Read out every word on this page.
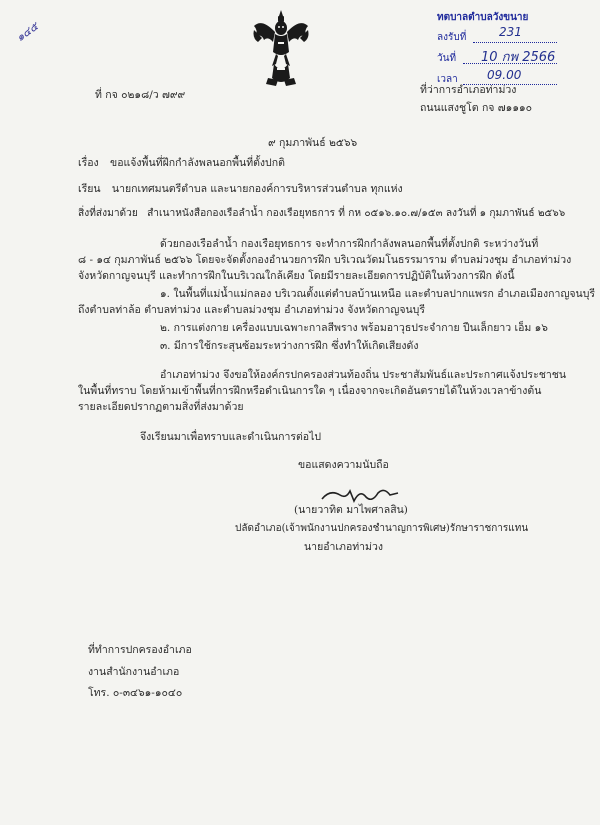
๑๔๕
ทตบาลตำบลวังขนาย
ลงรับที่	231
วันที่ 10 กพ 2566
เวลา 09.00
ที่ กจ ๐๒๑๘/ว ๗๙๙	ที่ว่าการอำเภอท่าม่วง
ถนนแสงชูโต กจ ๗๑๑๑๐
๙ กุมภาพันธ์ ๒๕๖๖
เรื่อง ขอแจ้งพื้นที่ฝึกกำลังพลนอกพื้นที่ตั้งปกติ
เรียน นายกเทศมนตรีตำบล และนายกองค์การบริหารส่วนตำบล ทุกแห่ง
สิ่งที่ส่งมาด้วย สำเนาหนังสือกองเรือลำน้ำ กองเรือยุทธการ ที่ กห ๐๕๑๖.๑๐.๗/๑๕๓ ลงวันที่ ๑ กุมภาพันธ์ ๒๕๖๖
ด้วยกองเรือลำน้ำ กองเรือยุทธการ จะทำการฝึกกำลังพลนอกพื้นที่ตั้งปกติ ระหว่างวันที่
๘ - ๑๔ กุมภาพันธ์ ๒๕๖๖ โดยจะจัดตั้งกองอำนวยการฝึก บริเวณวัดมโนธรรมาราม ตำบลม่วงชุม อำเภอท่าม่วง
จังหวัดกาญจนบุรี และทำการฝึกในบริเวณใกล้เคียง โดยมีรายละเอียดการปฏิบัติในห้วงการฝึก ดังนี้
๑. ในพื้นที่แม่น้ำแม่กลอง บริเวณตั้งแต่ตำบลบ้านเหนือ และตำบลปากแพรก อำเภอเมืองกาญจนบุรี
ถึงตำบลท่าล้อ ตำบลท่าม่วง และตำบลม่วงชุม อำเภอท่าม่วง จังหวัดกาญจนบุรี
๒. การแต่งกาย เครื่องแบบเฉพาะกาลสีพราง พร้อมอาวุธประจำกาย ปืนเล็กยาว เอ็ม ๑๖
๓. มีการใช้กระสุนซ้อมระหว่างการฝึก ซึ่งทำให้เกิดเสียงดัง
อำเภอท่าม่วง จึงขอให้องค์กรปกครองส่วนท้องถิ่น ประชาสัมพันธ์และประกาศแจ้งประชาชน
ในพื้นที่ทราบ โดยห้ามเข้าพื้นที่การฝึกหรือดำเนินการใด ๆ เนื่องจากจะเกิดอันตรายได้ในห้วงเวลาข้างต้น
รายละเอียดปรากฏตามสิ่งที่ส่งมาด้วย
จึงเรียนมาเพื่อทราบและดำเนินการต่อไป
ขอแสดงความนับถือ
(นายวาทิต มาไพศาลสิน)
ปลัดอำเภอ(เจ้าพนักงานปกครองชำนาญการพิเศษ)รักษาราชการแทน
นายอำเภอท่าม่วง
ที่ทำการปกครองอำเภอ
งานสำนักงานอำเภอ
โทร. ๐-๓๔๖๑-๑๐๔๐
